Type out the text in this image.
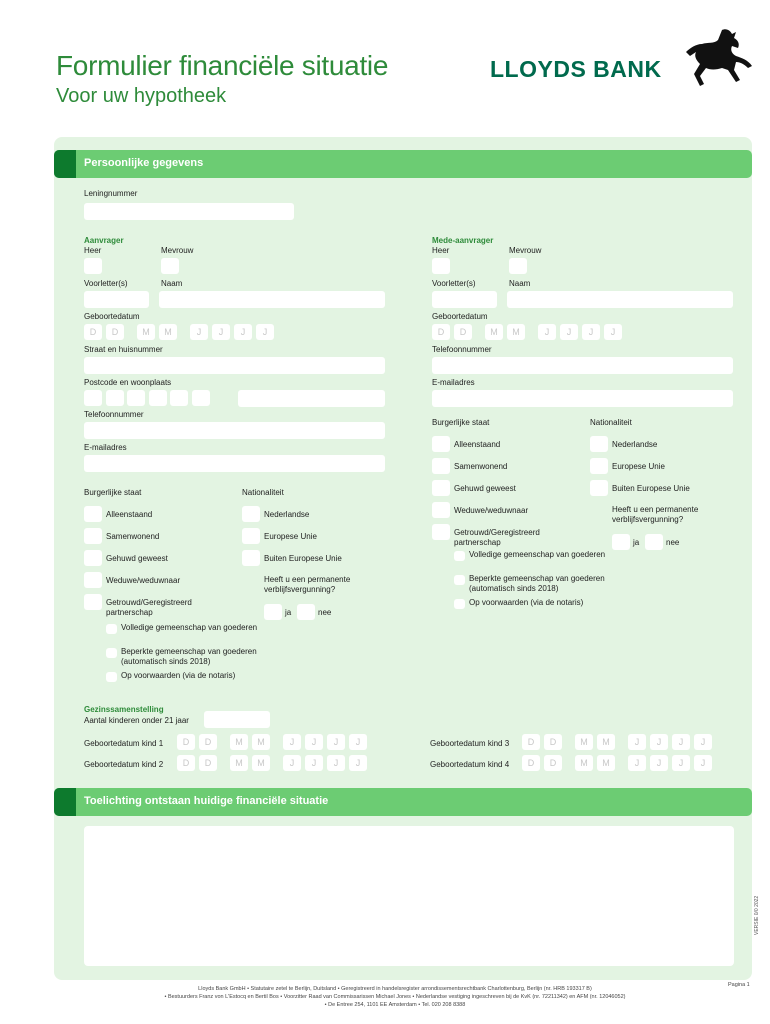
Formulier financiële situatie
Voor uw hypotheek
LLOYDS BANK
Persoonlijke gegevens
Leningnummer
Aanvrager
Heer	Mevrouw
Voorletter(s)	Naam
Geboortedatum
D	D	M	M	J	J	J	J
Straat en huisnummer
Postcode en woonplaats
Telefoonnummer
E-mailadres
Burgerlijke staat	Nationaliteit
Alleenstaand
Samenwonend
Gehuwd geweest
Weduwe/weduwnaar
Getrouwd/Geregistreerd partnerschap
Nederlandse
Europese Unie
Buiten Europese Unie
Heeft u een permanente verblijfsvergunning?
ja	nee
Volledige gemeenschap van goederen
Beperkte gemeenschap van goederen (automatisch sinds 2018)
Op voorwaarden (via de notaris)
Mede-aanvrager
Heer	Mevrouw
Voorletter(s)	Naam
Geboortedatum
D	D	M	M	J	J	J	J
Telefoonnummer
E-mailadres
Burgerlijke staat	Nationaliteit
Alleenstaand
Samenwonend
Gehuwd geweest
Weduwe/weduwnaar
Getrouwd/Geregistreerd partnerschap
Nederlandse
Europese Unie
Buiten Europese Unie
Heeft u een permanente verblijfsvergunning?
ja	nee
Volledige gemeenschap van goederen
Beperkte gemeenschap van goederen (automatisch sinds 2018)
Op voorwaarden (via de notaris)
Gezinssamenstelling
Aantal kinderen onder 21 jaar
Geboortedatum kind 1
Geboortedatum kind 2
Geboortedatum kind 3
Geboortedatum kind 4
D	D	M	M	J	J	J	J
D	D	M	M	J	J	J	J
D	D	M	M	J	J	J	J
D	D	M	M	J	J	J	J
Toelichting ontstaan huidige financiële situatie
VERSIE 0/0 2022
Pagina 1
Lloyds Bank GmbH • Statutaire zetel te Berlijn, Duitsland • Geregistreerd in handelsregister arrondissementsrechtbank Charlottenburg, Berlijn (nr. HRB 193317 B)
• Bestuurders Franz von L'Estocq en Bertil Bos • Voorzitter Raad van Commissarissen Michael Jones • Nederlandse vestiging ingeschreven bij de KvK (nr. 72211342) en AFM (nr. 12046052)
• De Entree 254, 1101 EE Amsterdam • Tel. 020 208 8388
